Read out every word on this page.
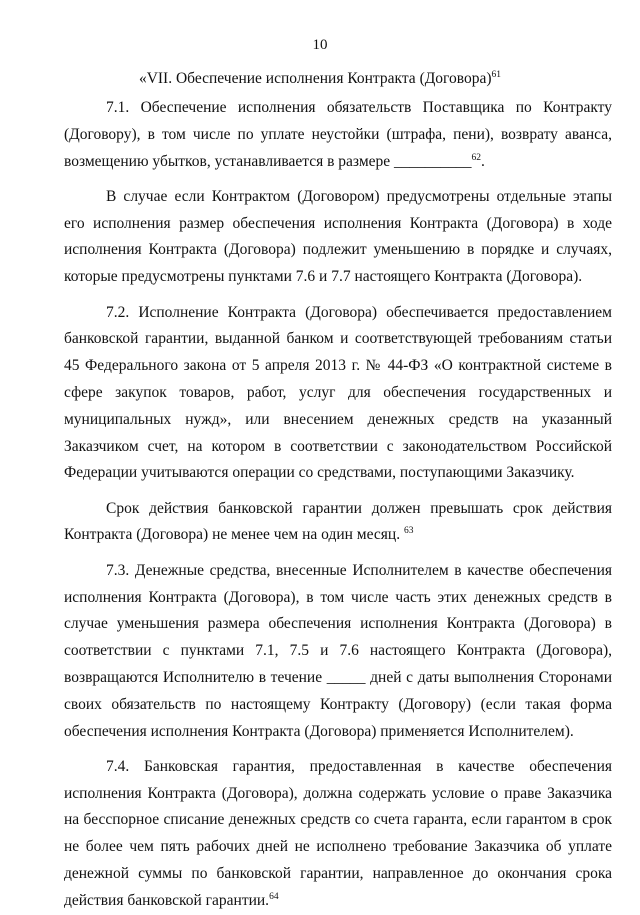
10
«VII. Обеспечение исполнения Контракта (Договора)$^{61}$

7.1. Обеспечение исполнения обязательств Поставщика по Контракту (Договору), в том числе по уплате неустойки (штрафа, пени), возврату аванса, возмещению убытков, устанавливается в размере __________$^{62}$.

В случае если Контрактом (Договором) предусмотрены отдельные этапы его исполнения размер обеспечения исполнения Контракта (Договора) в ходе исполнения Контракта (Договора) подлежит уменьшению в порядке и случаях, которые предусмотрены пунктами 7.6 и 7.7 настоящего Контракта (Договора).

7.2. Исполнение Контракта (Договора) обеспечивается предоставлением банковской гарантии, выданной банком и соответствующей требованиям статьи 45 Федерального закона от 5 апреля 2013 г. № 44-ФЗ «О контрактной системе в сфере закупок товаров, работ, услуг для обеспечения государственных и муниципальных нужд», или внесением денежных средств на указанный Заказчиком счет, на котором в соответствии с законодательством Российской Федерации учитываются операции со средствами, поступающими Заказчику.

Срок действия банковской гарантии должен превышать срок действия Контракта (Договора) не менее чем на один месяц. $^{63}$

7.3. Денежные средства, внесенные Исполнителем в качестве обеспечения исполнения Контракта (Договора), в том числе часть этих денежных средств в случае уменьшения размера обеспечения исполнения Контракта (Договора) в соответствии с пунктами 7.1, 7.5 и 7.6 настоящего Контракта (Договора), возвращаются Исполнителю в течение _____ дней с даты выполнения Сторонами своих обязательств по настоящему Контракту (Договору) (если такая форма обеспечения исполнения Контракта (Договора) применяется Исполнителем).

7.4. Банковская гарантия, предоставленная в качестве обеспечения исполнения Контракта (Договора), должна содержать условие о праве Заказчика на бесспорное списание денежных средств со счета гаранта, если гарантом в срок не более чем пять рабочих дней не исполнено требование Заказчика об уплате денежной суммы по банковской гарантии, направленное до окончания срока действия банковской гарантии.$^{64}$
